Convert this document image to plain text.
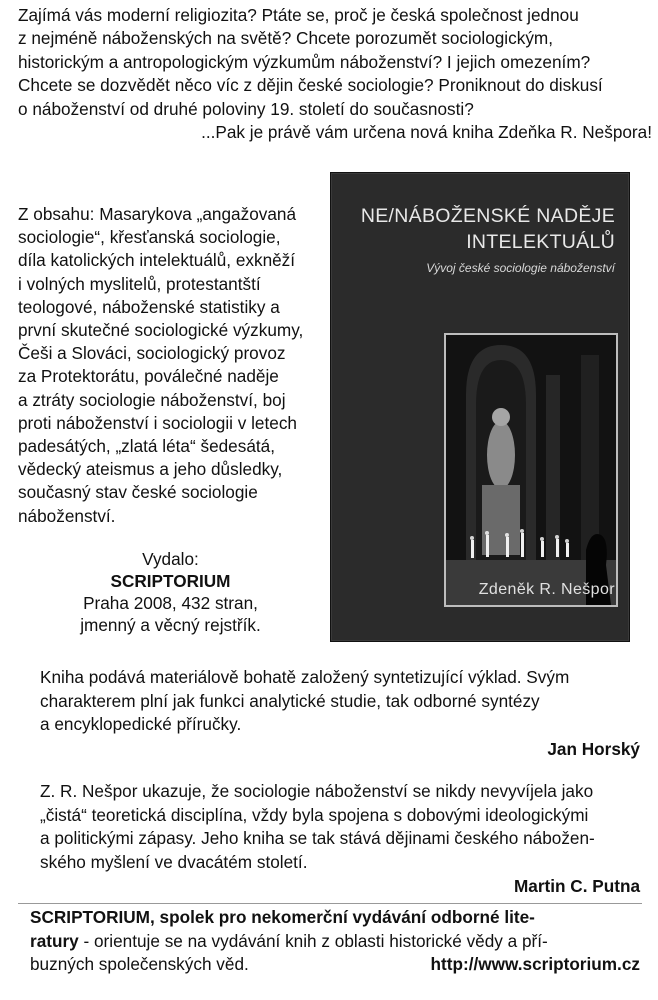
Zajímá vás moderní religiozita? Ptáte se, proč je česká společnost jednou
z nejméně náboženských na světě? Chcete porozumět sociologickým,
historickým a antropologickým výzkumům náboženství? I jejich omezením?
Chcete se dozvědět něco víc z dějin české sociologie? Proniknout do diskusí
o náboženství od druhé poloviny 19. století do současnosti?
...Pak je právě vám určena nová kniha Zdeňka R. Nešpora!
Z obsahu: Masarykova „angažovaná
sociologie“, křesťanská sociologie,
díla katolických intelektuálů, exkněží
i volných myslitelů, protestantští
teologové, náboženské statistiky a
první skutečné sociologické výzkumy,
Češi a Slováci, sociologický provoz
za Protektorátu, poválečné naděje
a ztráty sociologie náboženství, boj
proti náboženství i sociologii v letech
padesátých, „zlatá léta“ šedesátá,
vědecký ateismus a jeho důsledky,
současný stav české sociologie
náboženství.
Vydalo:
SCRIPTORIUM
Praha 2008, 432 stran,
jmenný a věcný rejstřík.
NE/NÁBOŽENSKÉ NADĚJE
INTELEKTUÁLŮ
Vývoj české sociologie náboženství
Zdeněk R. Nešpor
Kniha podává materiálově bohatě založený syntetizující výklad. Svým
charakterem plní jak funkci analytické studie, tak odborné syntézy
a encyklopedické příručky.
Jan Horský
Z. R. Nešpor ukazuje, že sociologie náboženství se nikdy nevyvíjela jako
„čistá“ teoretická disciplína, vždy byla spojena s dobovými ideologickými
a politickými zápasy. Jeho kniha se tak stává dějinami českého nábožen-
ského myšlení ve dvacátém století.
Martin C. Putna
SCRIPTORIUM, spolek pro nekomerční vydávání odborné lite-
ratury - orientuje se na vydávání knih z oblasti historické vědy a pří-
buzných společenských věd.	http://www.scriptorium.cz
